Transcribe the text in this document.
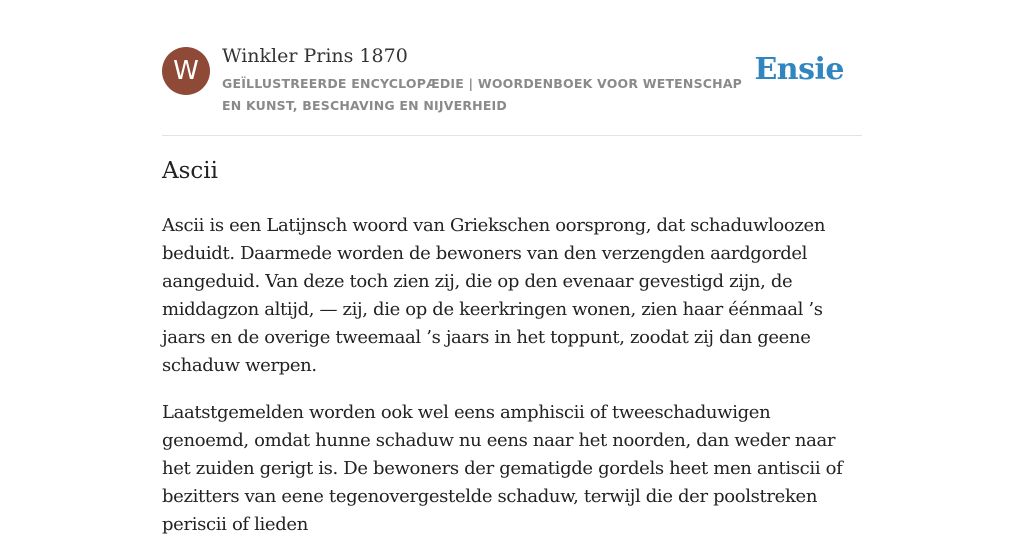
W	Winkler Prins 1870
GEÏLLUSTREERDE ENCYCLOPÆDIE | WOORDENBOEK VOOR WETENSCHAP EN KUNST, BESCHAVING EN NIJVERHEID
Ensie
Ascii

Ascii is een Latijnsch woord van Griekschen oorsprong, dat schaduwloozen beduidt. Daarmede worden de bewoners van den verzengden aardgordel aangeduid. Van deze toch zien zij, die op den evenaar gevestigd zijn, de middagzon altijd, — zij, die op de keerkringen wonen, zien haar éénmaal ’s jaars en de overige tweemaal ’s jaars in het toppunt, zoodat zij dan geene schaduw werpen.

Laatstgemelden worden ook wel eens amphiscii of tweeschaduwigen genoemd, omdat hunne schaduw nu eens naar het noorden, dan weder naar het zuiden gerigt is. De bewoners der gematigde gordels heet men antiscii of bezitters van eene tegenovergestelde schaduw, terwijl die der poolstreken periscii of lieden
